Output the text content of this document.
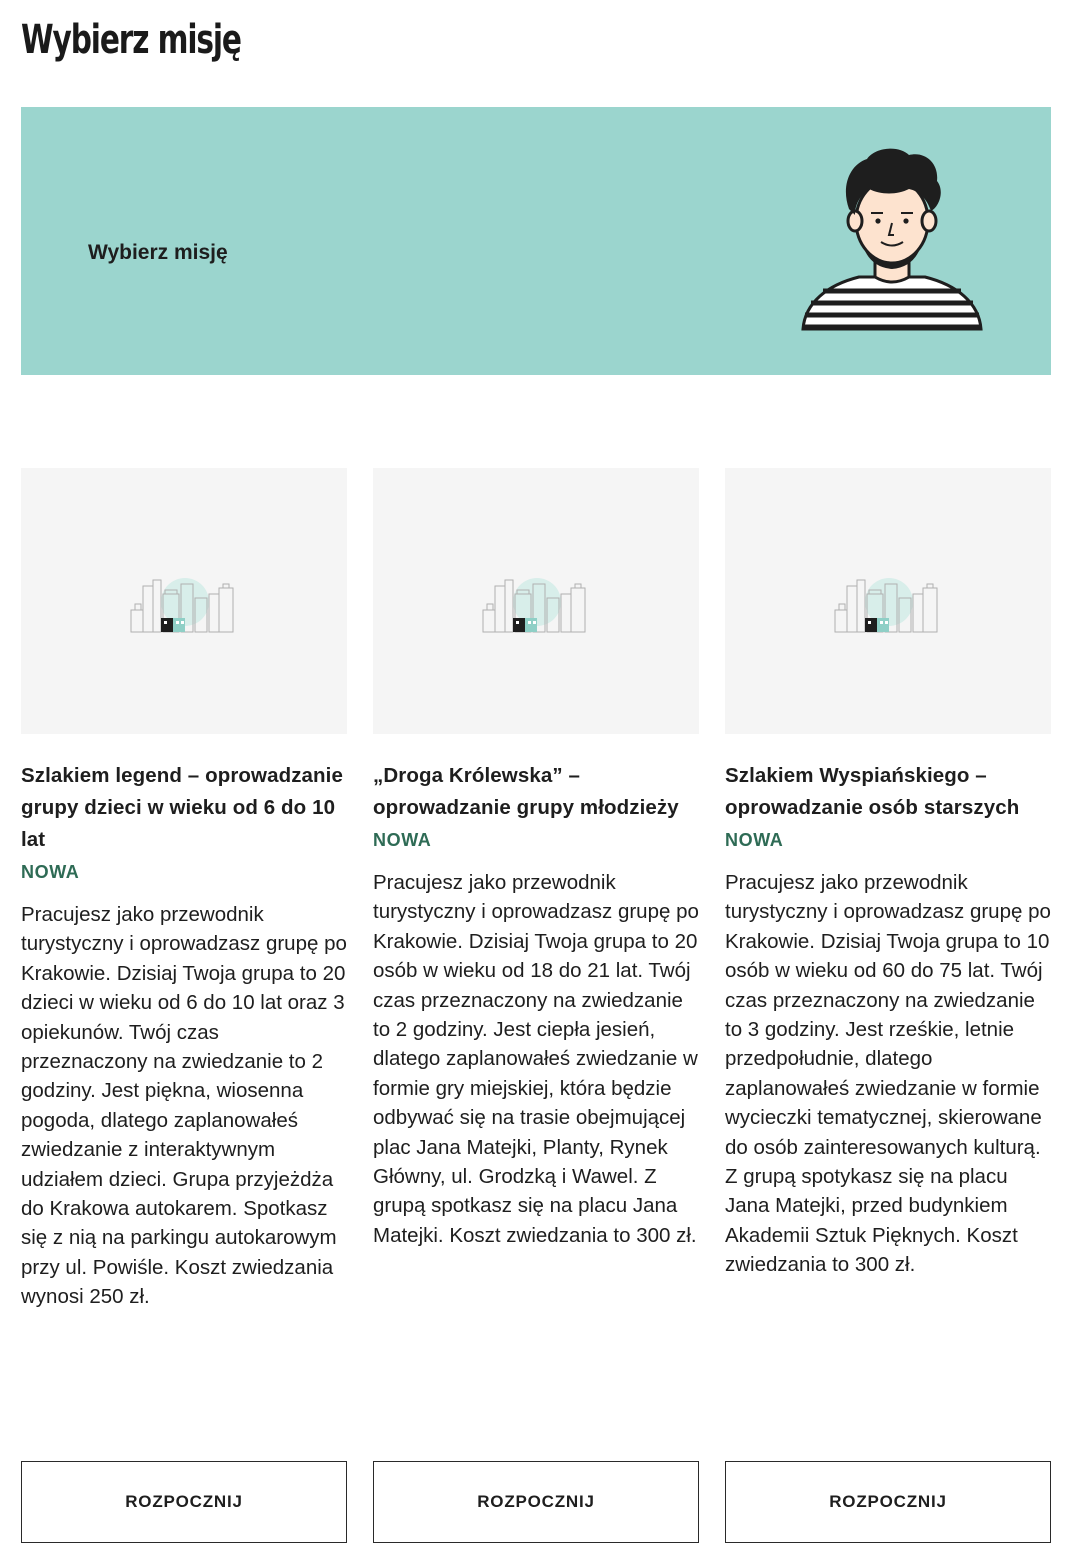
Wybierz misję
Wybierz misję
Szlakiem legend – oprowadzanie grupy dzieci w wieku od 6 do 10 lat
NOWA

Pracujesz jako przewodnik turystyczny i oprowadzasz grupę po Krakowie. Dzisiaj Twoja grupa to 20 dzieci w wieku od 6 do 10 lat oraz 3 opiekunów. Twój czas przeznaczony na zwiedzanie to 2 godziny. Jest piękna, wiosenna pogoda, dlatego zaplanowałeś zwiedzanie z interaktywnym udziałem dzieci. Grupa przyjeżdża do Krakowa autokarem. Spotkasz się z nią na parkingu autokarowym przy ul. Powiśle. Koszt zwiedzania wynosi 250 zł.

„Droga Królewska” – oprowadzanie grupy młodzieży
NOWA

Pracujesz jako przewodnik turystyczny i oprowadzasz grupę po Krakowie. Dzisiaj Twoja grupa to 20 osób w wieku od 18 do 21 lat. Twój czas przeznaczony na zwiedzanie to 2 godziny. Jest ciepła jesień, dlatego zaplanowałeś zwiedzanie w formie gry miejskiej, która będzie odbywać się na trasie obejmującej plac Jana Matejki, Planty, Rynek Główny, ul. Grodzką i Wawel. Z grupą spotkasz się na placu Jana Matejki. Koszt zwiedzania to 300 zł.

Szlakiem Wyspiańskiego – oprowadzanie osób starszych
NOWA

Pracujesz jako przewodnik turystyczny i oprowadzasz grupę po Krakowie. Dzisiaj Twoja grupa to 10 osób w wieku od 60 do 75 lat. Twój czas przeznaczony na zwiedzanie to 3 godziny. Jest rześkie, letnie przedpołudnie, dlatego zaplanowałeś zwiedzanie w formie wycieczki tematycznej, skierowane do osób zainteresowanych kulturą. Z grupą spotykasz się na placu Jana Matejki, przed budynkiem Akademii Sztuk Pięknych. Koszt zwiedzania to 300 zł.

ROZPOCZNIJ	ROZPOCZNIJ	ROZPOCZNIJ
